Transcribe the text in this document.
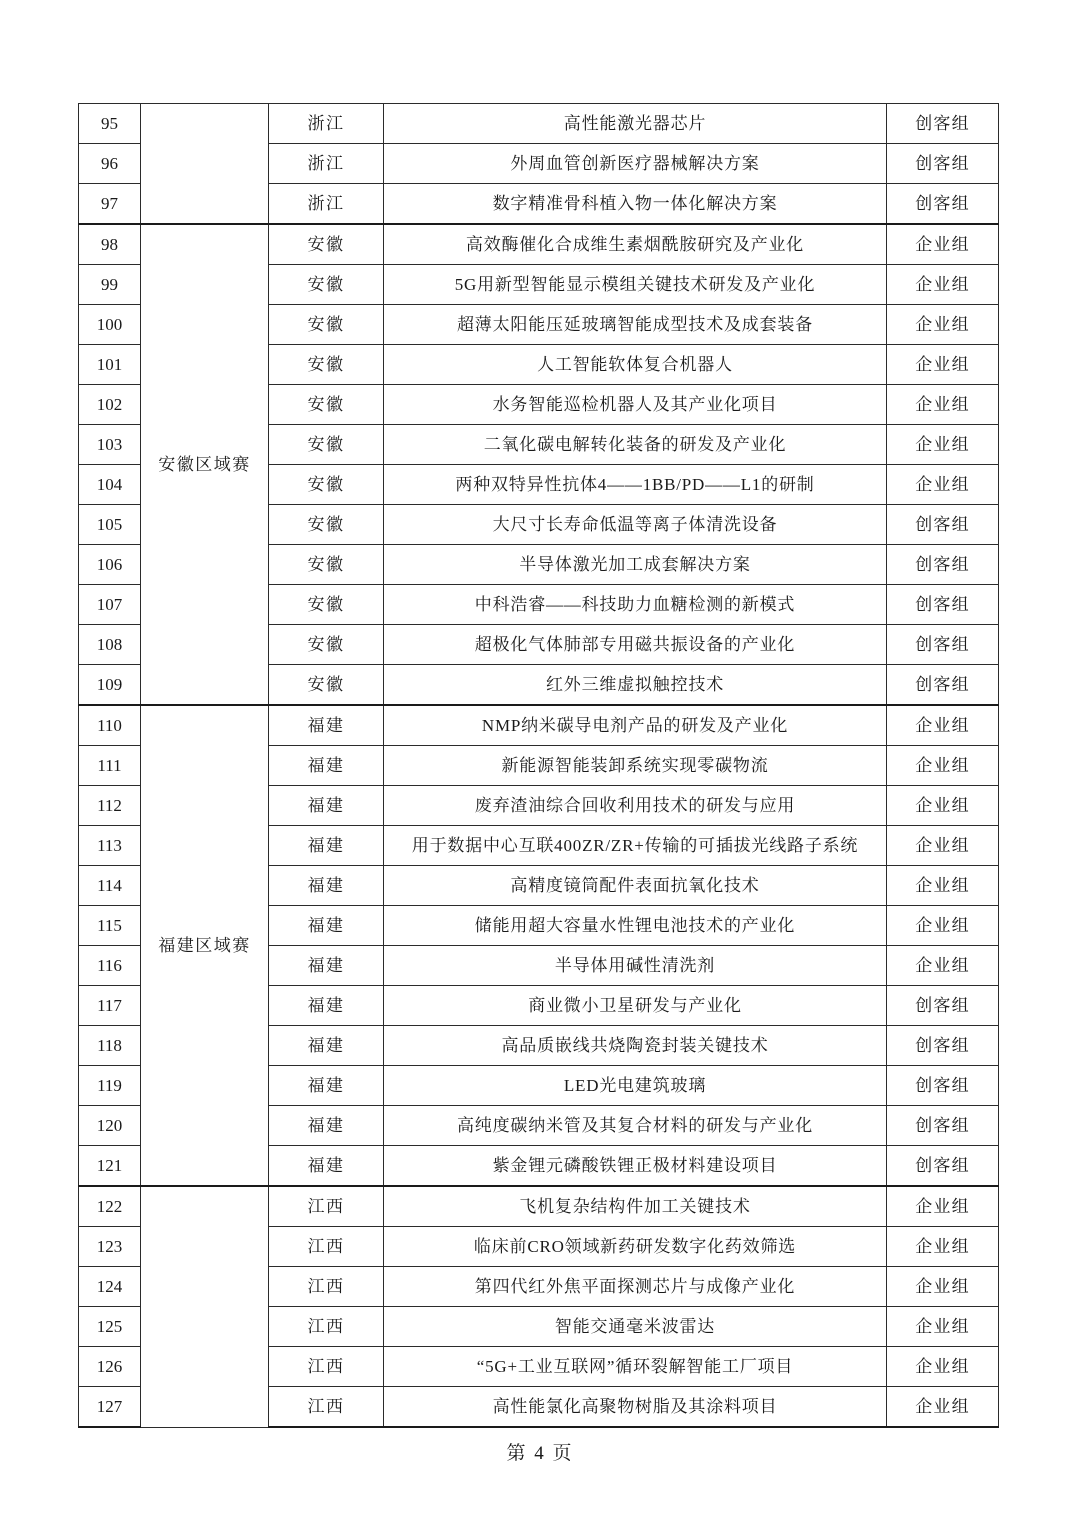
95		浙江	高性能激光器芯片	创客组
96		浙江	外周血管创新医疗器械解决方案	创客组
97		浙江	数字精准骨科植入物一体化解决方案	创客组
98	安徽区域赛	安徽	高效酶催化合成维生素烟酰胺研究及产业化	企业组
99		安徽	5G用新型智能显示模组关键技术研发及产业化	企业组
100		安徽	超薄太阳能压延玻璃智能成型技术及成套装备	企业组
101		安徽	人工智能软体复合机器人	企业组
102		安徽	水务智能巡检机器人及其产业化项目	企业组
103		安徽	二氧化碳电解转化装备的研发及产业化	企业组
104		安徽	两种双特异性抗体4——1BB/PD——L1的研制	企业组
105		安徽	大尺寸长寿命低温等离子体清洗设备	创客组
106		安徽	半导体激光加工成套解决方案	创客组
107		安徽	中科浩睿——科技助力血糖检测的新模式	创客组
108		安徽	超极化气体肺部专用磁共振设备的产业化	创客组
109		安徽	红外三维虚拟触控技术	创客组
110	福建区域赛	福建	NMP纳米碳导电剂产品的研发及产业化	企业组
111		福建	新能源智能装卸系统实现零碳物流	企业组
112		福建	废弃渣油综合回收利用技术的研发与应用	企业组
113		福建	用于数据中心互联400ZR/ZR+传输的可插拔光线路子系统	企业组
114		福建	高精度镜筒配件表面抗氧化技术	企业组
115		福建	储能用超大容量水性锂电池技术的产业化	企业组
116		福建	半导体用碱性清洗剂	企业组
117		福建	商业微小卫星研发与产业化	创客组
118		福建	高品质嵌线共烧陶瓷封装关键技术	创客组
119		福建	LED光电建筑玻璃	创客组
120		福建	高纯度碳纳米管及其复合材料的研发与产业化	创客组
121		福建	紫金锂元磷酸铁锂正极材料建设项目	创客组
122		江西	飞机复杂结构件加工关键技术	企业组
123		江西	临床前CRO领域新药研发数字化药效筛选	企业组
124		江西	第四代红外焦平面探测芯片与成像产业化	企业组
125		江西	智能交通毫米波雷达	企业组
126		江西	“5G+工业互联网”循环裂解智能工厂项目	企业组
127		江西	高性能氯化高聚物树脂及其涂料项目	企业组
第 4 页
